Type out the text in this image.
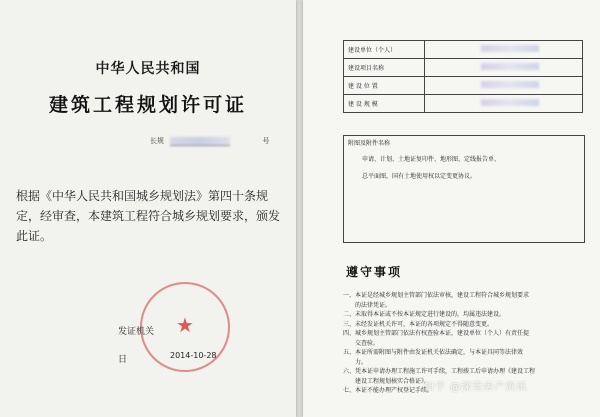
中华人民共和国
建筑工程规划许可证
长规	号
根据《中华人民共和国城乡规划法》第四十条规定，经审查，本建筑工程符合城乡规划要求，颁发此证。
★
发证机关
日	2014-10-28
建设单位（个人）	
建设项目名称	
建 设 位 置	
建 设 规 模	
附图及附件名称
申请、计划、土地证复印件、地形图、定线报告单、
总平面图，国有土地使用权以定变更协议。
遵守事项
一、本证是经城乡规划主管部门依法审核，建设工程符合城乡规划要求
　　的法律凭证。
二、未取得本证或不按本证规定进行建设的，均属违法建设。
三、未经发证机关许可，本证的各项规定不得随意变更。
四、城乡规划主管部门依法有权查验本证，建设单位（个人）有责任提
　　交查验。
五、本证所需附图与附件由发证机关依法确定，与本证具同等法律效
　　力。
六、凭本证申请办理工程施工许可手续，工程竣工后申请办理《建设工程
　　建设工程规划核实合格证》。
七、本证不能办理产权登记手续。
知乎 @深莞房产资讯
